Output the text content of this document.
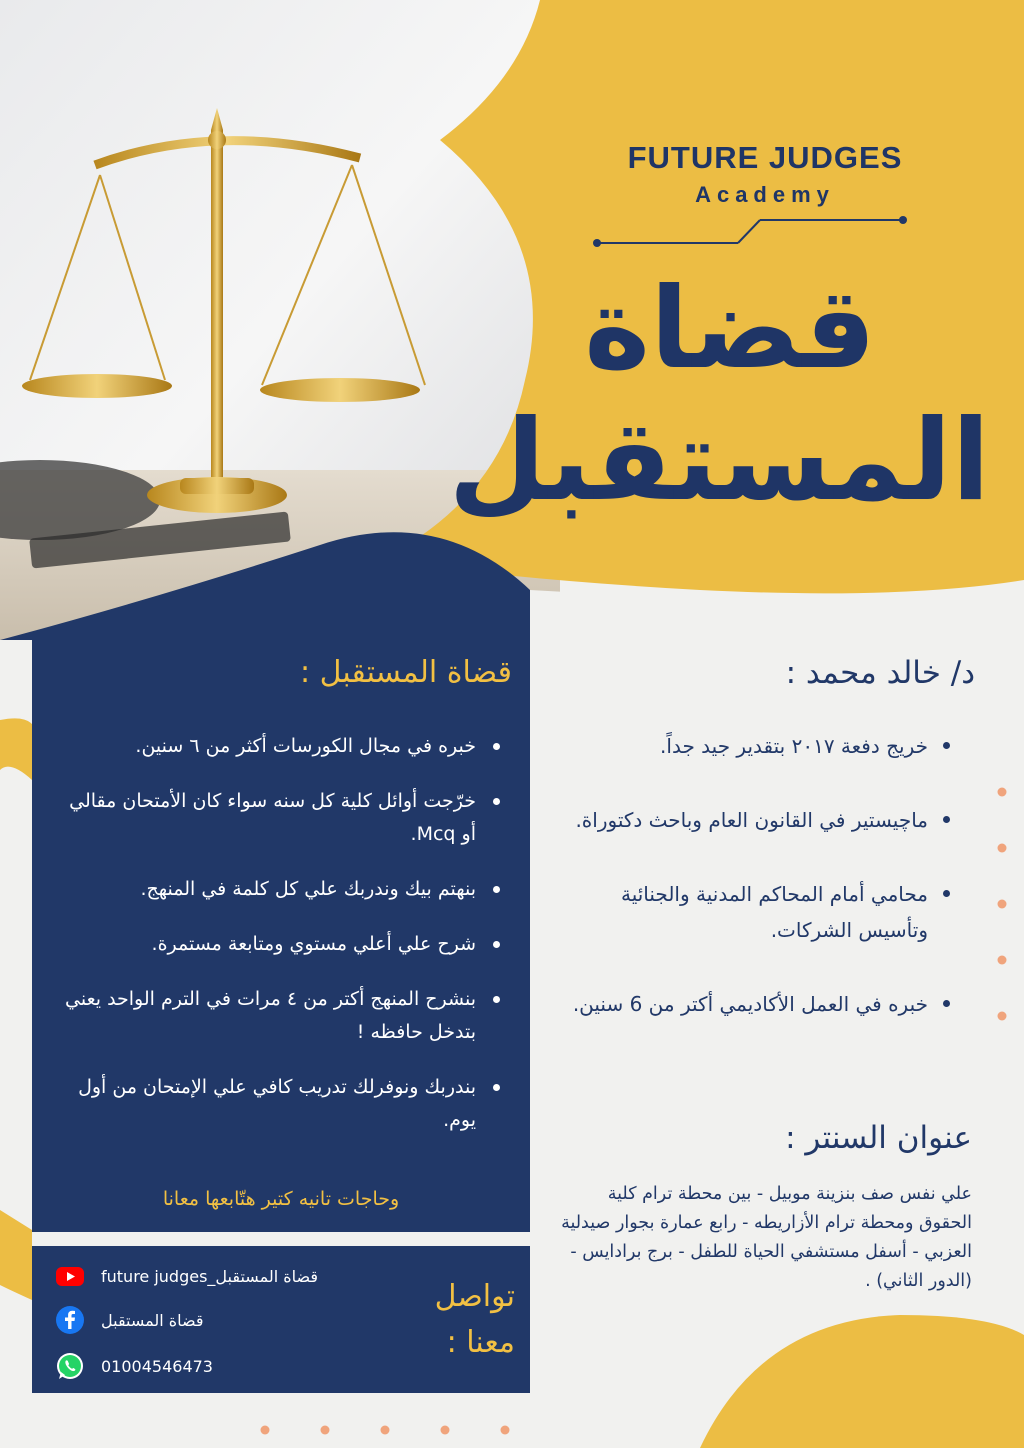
FUTURE JUDGES
Academy
قضاة
المستقبل
قضاة المستقبل :
خبره في مجال الكورسات أكثر من ٦ سنين.
خرّجت أوائل كلية كل سنه سواء كان الأمتحان مقالي أو Mcq.
بنهتم بيك وندربك علي كل كلمة في المنهج.
شرح علي أعلي مستوي ومتابعة مستمرة.
بنشرح المنهج أكتر من ٤ مرات في الترم الواحد يعني بتدخل حافظه !
بندربك ونوفرلك تدريب كافي علي الإمتحان من أول يوم.
وحاجات تانيه كتير هتّابعها معانا
تواصل معنا :
future judges_قضاة المستقبل
قضاة المستقبل
01004546473
د/ خالد محمد :
خريج دفعة ٢٠١٧ بتقدير جيد جداً.
ماچيستير في القانون العام وباحث دكتوراة.
محامي أمام المحاكم المدنية والجنائية وتأسيس الشركات.
خبره في العمل الأكاديمي أكتر من 6 سنين.
عنوان السنتر :
علي نفس صف بنزينة موبيل - بين محطة ترام كلية الحقوق ومحطة ترام الأزاريطه - رابع عمارة بجوار صيدلية العزبي - أسفل مستشفي الحياة للطفل - برج برادايس - (الدور الثاني) .
